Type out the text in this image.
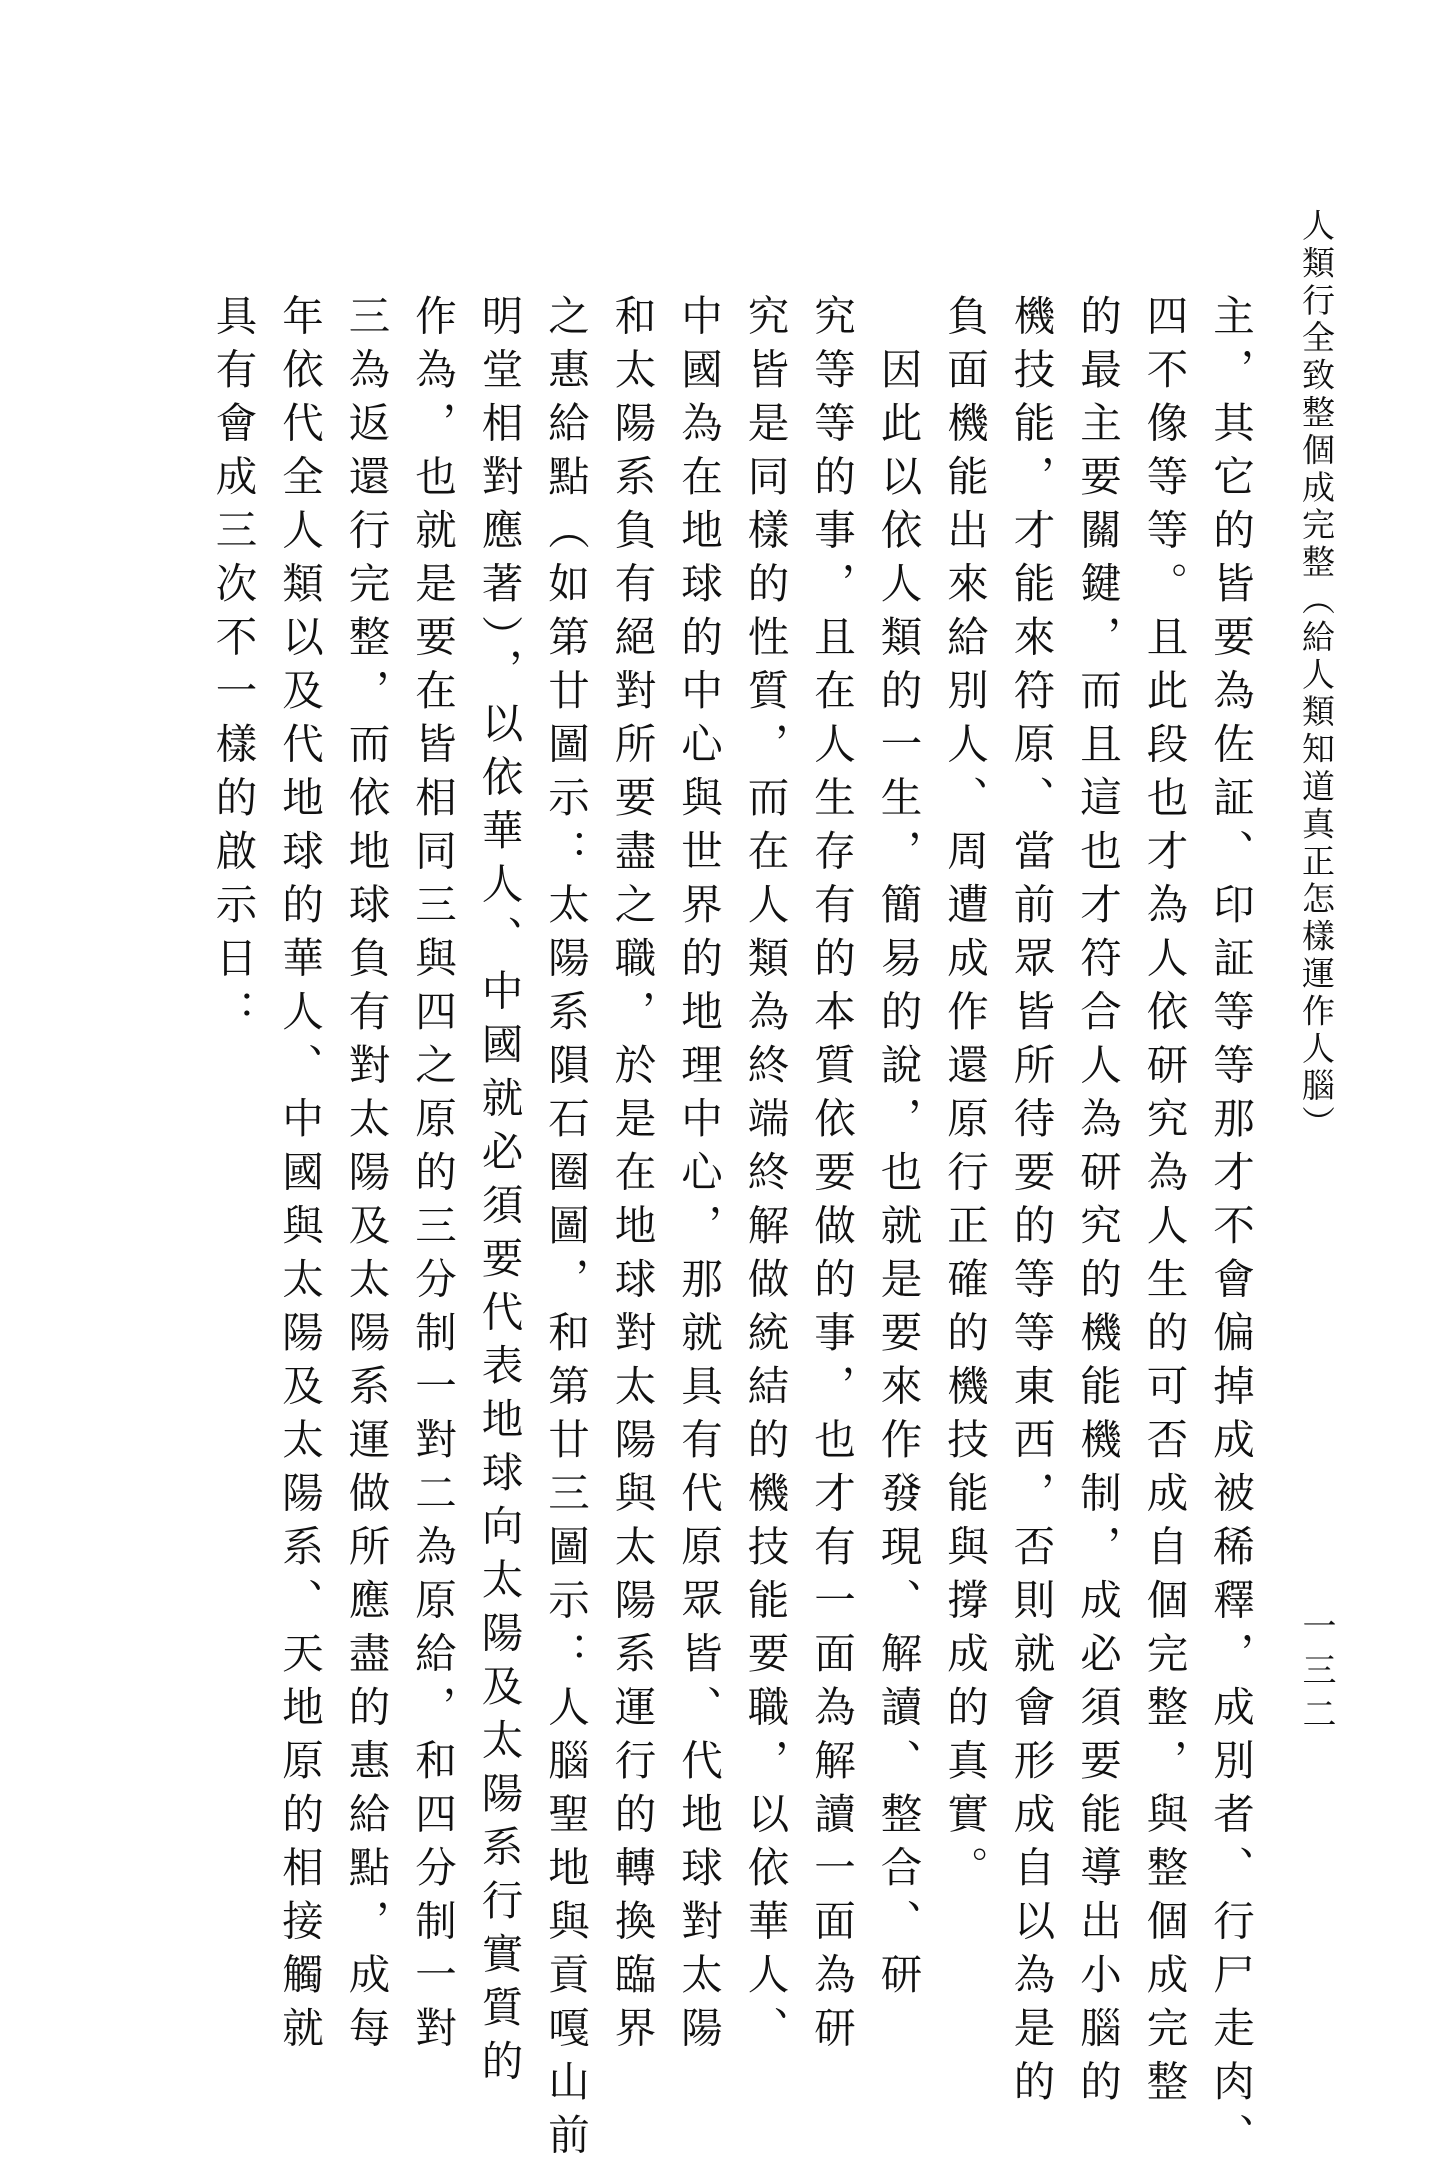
人類行全致整個成完整（給人類知道真正怎樣運作人腦）
一三二

主，其它的皆要為佐証、印証等等那才不會偏掉成被稀釋，成別者、行尸走肉、
四不像等等。且此段也才為人依研究為人生的可否成自個完整，與整個成完整
的最主要關鍵，而且這也才符合人為研究的機能機制，成必須要能導出小腦的
機技能，才能來符原、當前眾皆所待要的等等東西，否則就會形成自以為是的
負面機能出來給別人、周遭成作還原行正確的機技能與撐成的真實。

　因此以依人類的一生，簡易的說，也就是要來作發現、解讀、整合、研
究等等的事，且在人生存有的本質依要做的事，也才有一面為解讀一面為研
究皆是同樣的性質，而在人類為終端終解做統結的機技能要職，以依華人、
中國為在地球的中心與世界的地理中心，那就具有代原眾皆、代地球對太陽
和太陽系負有絕對所要盡之職，於是在地球對太陽與太陽系運行的轉換臨界
之惠給點（如第廿圖示：太陽系隕石圈圖，和第廿三圖示：人腦聖地與貢嘎山前
明堂相對應著），以依華人、中國就必須要代表地球向太陽及太陽系行實質的
作為，也就是要在皆相同三與四之原的三分制一對二為原給，和四分制一對
三為返還行完整，而依地球負有對太陽及太陽系運做所應盡的惠給點，成每
年依代全人類以及代地球的華人、中國與太陽及太陽系、天地原的相接觸就
具有會成三次不一樣的啟示日：
